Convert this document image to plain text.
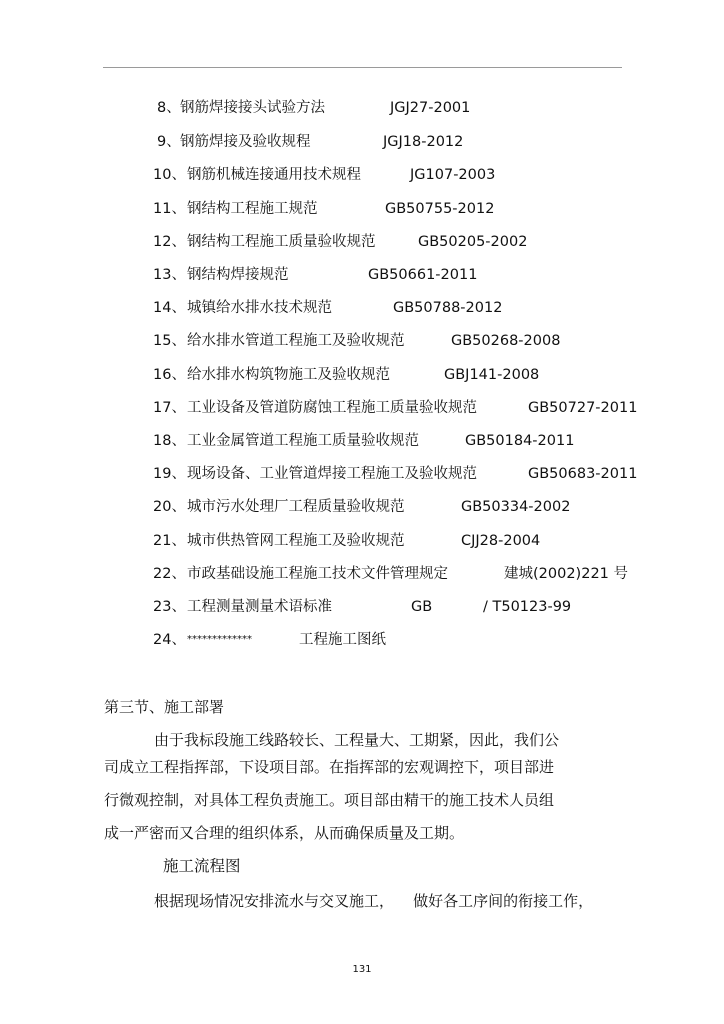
8、 钢筋焊接接头试验方法	JGJ27-2001
9、 钢筋焊接及验收规程	JGJ18-2012
10、 钢筋机械连接通用技术规程	JG107-2003
11、 钢结构工程施工规范	GB50755-2012
12、 钢结构工程施工质量验收规范	GB50205-2002
13、 钢结构焊接规范	GB50661-2011
14、 城镇给水排水技术规范	GB50788-2012
15、 给水排水管道工程施工及验收规范	GB50268-2008
16、 给水排水构筑物施工及验收规范	GBJ141-2008
17、 工业设备及管道防腐蚀工程施工质量验收规范	GB50727-2011
18、 工业金属管道工程施工质量验收规范	GB50184-2011
19、 现场设备、工业管道焊接工程施工及验收规范	GB50683-2011
20、 城市污水处理厂工程质量验收规范	GB50334-2002
21、 城市供热管网工程施工及验收规范	CJJ28-2004
22、 市政基础设施工程施工技术文件管理规定	建城(2002)221 号
23、 工程测量测量术语标准	GB	/ T50123-99
24、 *************	工程施工图纸
第三节、施工部署
由于我标段施工线路较长、工程量大、工期紧，因此，我们公
司成立工程指挥部，下设项目部。在指挥部的宏观调控下，项目部进
行微观控制，对具体工程负责施工。项目部由精干的施工技术人员组
成一严密而又合理的组织体系，从而确保质量及工期。
施工流程图
根据现场情况安排流水与交叉施工，    做好各工序间的衔接工作，
131
